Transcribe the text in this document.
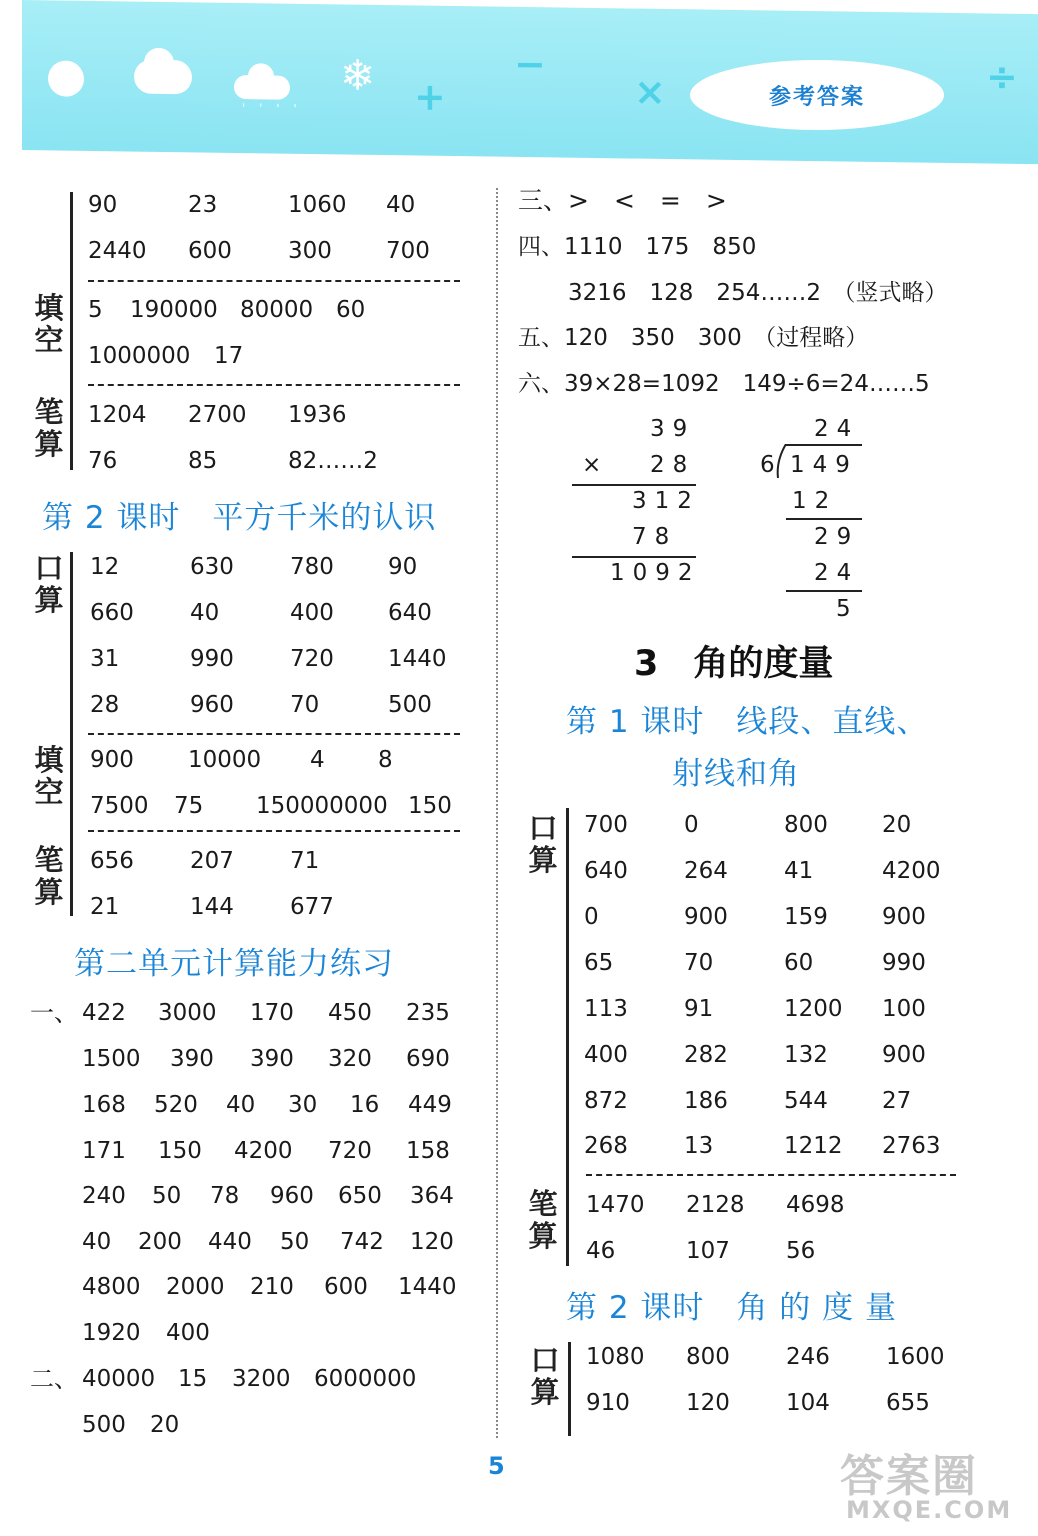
' ' ' '
❄ +
−
×	÷
参考答案
90	23	1060 40
2440 600 300 700
填空
5 190000 80000 60
1000000 17
笔算
1204 2700 1936
76	85	82……2
第 2 课时　平方千米的认识
口算
12	630 780 90
660 40	400 640
31	990 720 1440
28	960 70	500
填空
900 10000 4 8
7500 75 150000000 150
笔算
656 207 71
21	144 677
第二单元计算能力练习
一、 422 3000 170 450 235
1500 390 390 320 690
168 520 40 30 16 449
171 150 4200 720 158
240 50 78 960 650 364
40 200 440 50 742 120
4800 2000 210 600 1440
1920 400
二、 40000 15 3200 6000000
500 20
三、>　<　=　>
四、1110　175　850
3216　128　254……2　（竖式略）
五、120　350　300　（过程略）
六、39×28=1092　149÷6=24……5
39
× 28
312
78
1092
24
6 149
12
29
24
5
3　角的度量
第 1 课时　线段、直线、
射线和角
口算
700 0	800 20
640 264 41	4200
0	900 159 900
65	70	60	990
113 91	1200 100
400 282 132 900
872 186 544 27
268 13	1212 2763
笔算
1470 2128 4698
46	107 56
第 2 课时　角 的 度 量
口算
1080 800 246 1600
910 120 104 655
5	答案圈
MXQE.COM
